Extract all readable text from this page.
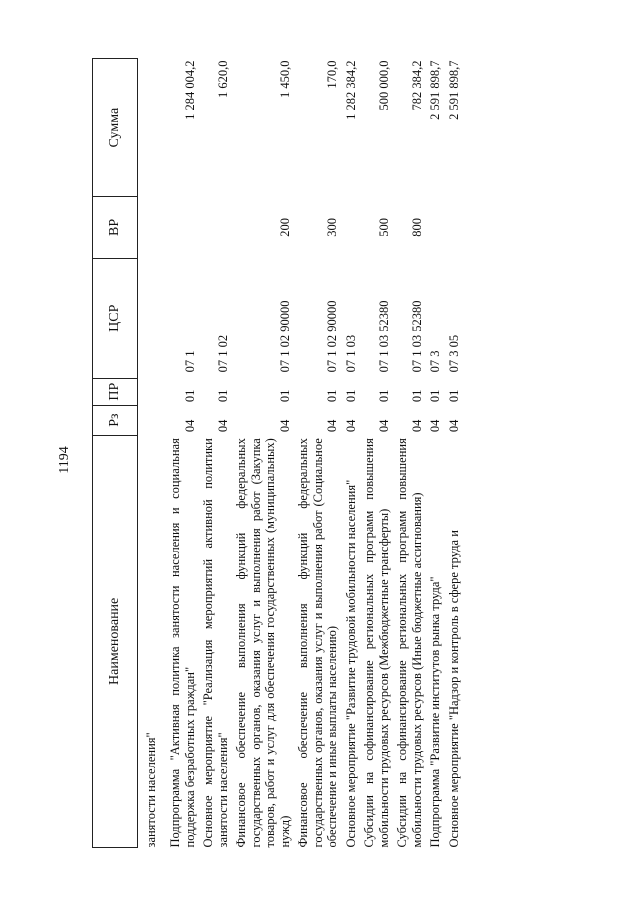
1194
Наименование	Рз	ПР	ЦСР	ВР	Сумма
занятости населения"					
Подпрограмма "Активная политика занятости населения и социальная поддержка безработных граждан"	04	01	07 1		1 284 004,2
Основное мероприятие "Реализация мероприятий активной политики занятости населения"	04	01	07 1 02		1 620,0
Финансовое обеспечение выполнения функций федеральных государственных органов, оказания услуг и выполнения работ (Закупка товаров, работ и услуг для обеспечения государственных (муниципальных) нужд)	04	01	07 1 02 90000	200	1 450,0
Финансовое обеспечение выполнения функций федеральных государственных органов, оказания услуг и выполнения работ (Социальное обеспечение и иные выплаты населению)	04	01	07 1 02 90000	300	170,0
Основное мероприятие "Развитие трудовой мобильности населения"	04	01	07 1 03		1 282 384,2
Субсидии на софинансирование региональных программ повышения мобильности трудовых ресурсов (Межбюджетные трансферты)	04	01	07 1 03 52380	500	500 000,0
Субсидии на софинансирование региональных программ повышения мобильности трудовых ресурсов (Иные бюджетные ассигнования)	04	01	07 1 03 52380	800	782 384,2
Подпрограмма "Развитие институтов рынка труда"	04	01	07 3		2 591 898,7
Основное мероприятие "Надзор и контроль в сфере труда и	04	01	07 3 05		2 591 898,7
